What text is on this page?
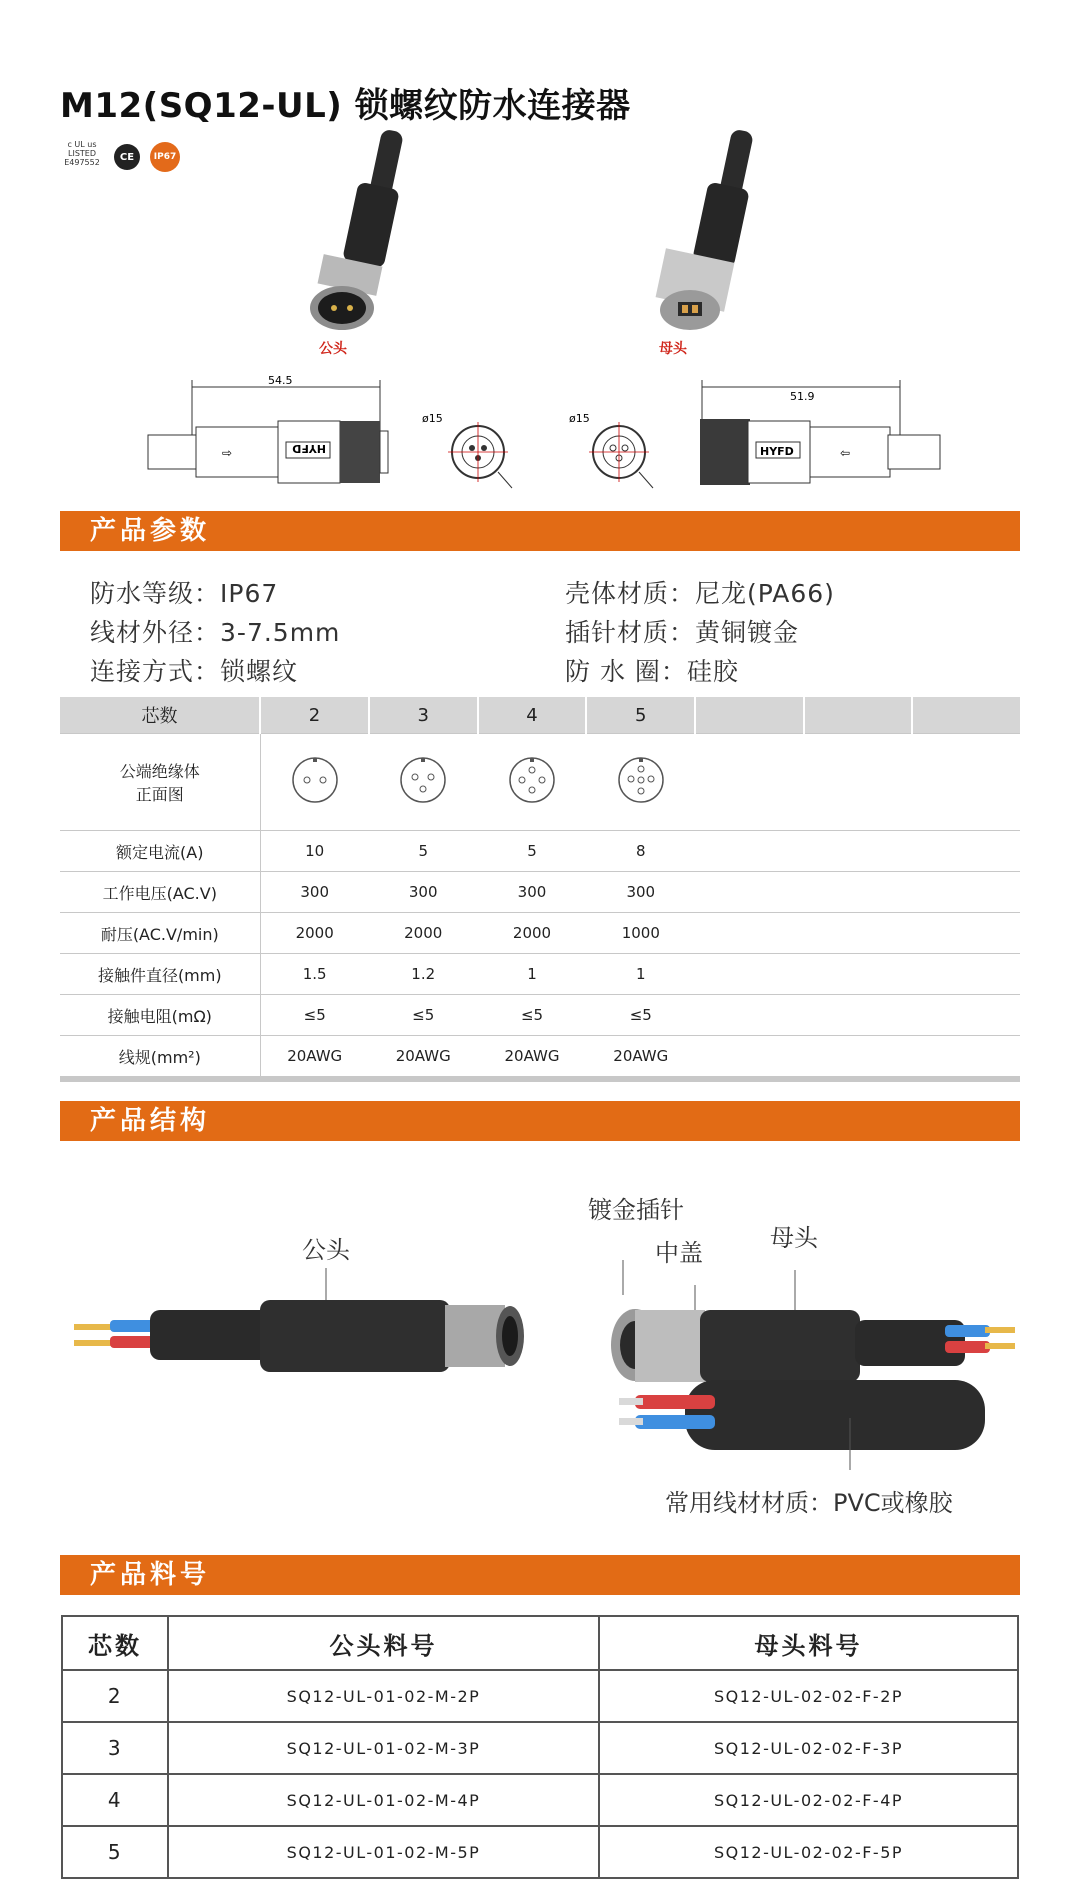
M12(SQ12-UL) 锁螺纹防水连接器
c UL us LISTED E497552	CE	IP67
公头	母头
54.5
⇨	HYFD
ø15	ø15
51.9
HYFD	⇦
产品参数
防水等级：IP67	壳体材质：尼龙(PA66)
线材外径：3-7.5mm	插针材质：黄铜镀金
连接方式：锁螺纹	防 水 圈：硅胶
芯数	2	3	4	5			
公端绝缘体
正面图							
额定电流(A)	10	5	5	8			
工作电压(AC.V)	300	300	300	300			
耐压(AC.V/min)	2000	2000	2000	1000			
接触件直径(mm)	1.5	1.2	1	1			
接触电阻(mΩ)	≤5	≤5	≤5	≤5			
线规(mm²)	20AWG	20AWG	20AWG	20AWG			
产品结构
公头
镀金插针
中盖
母头
常用线材材质：PVC或橡胶
产品料号
芯数	公头料号	母头料号
2	SQ12-UL-01-02-M-2P	SQ12-UL-02-02-F-2P
3	SQ12-UL-01-02-M-3P	SQ12-UL-02-02-F-3P
4	SQ12-UL-01-02-M-4P	SQ12-UL-02-02-F-4P
5	SQ12-UL-01-02-M-5P	SQ12-UL-02-02-F-5P
